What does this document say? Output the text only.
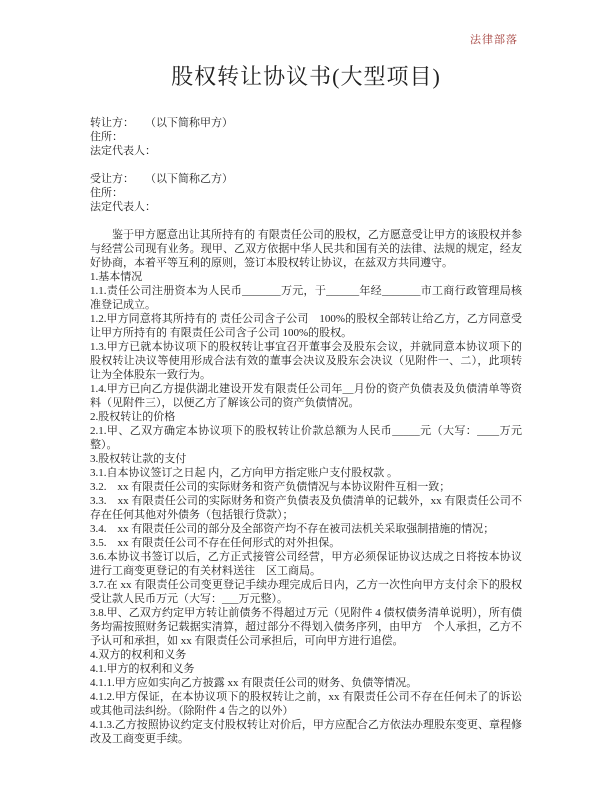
法律部落
股权转让协议书(大型项目)
转让方：　　（以下简称甲方）
住所：
法定代表人：
受让方：　　（以下简称乙方）
住所：
法定代表人：
鉴于甲方愿意出让其所持有的 有限责任公司的股权，乙方愿意受让甲方的该股权并参与经营公司现有业务。现甲、乙双方依据中华人民共和国有关的法律、法规的规定，经友好协商，本着平等互利的原则，签订本股权转让协议，在兹双方共同遵守。
1.基本情况
1.1.责任公司注册资本为人民币_______万元，于______年经_______市工商行政管理局核准登记成立。
1.2.甲方同意将其所持有的 责任公司含子公司　100%的股权全部转让给乙方，乙方同意受让甲方所持有的 有限责任公司含子公司 100%的股权。
1.3.甲方已就本协议项下的股权转让事宜召开董事会及股东会议，并就同意本协议项下的股权转让决议等使用形成合法有效的董事会决议及股东会决议（见附件一、二），此项转让为全体股东一致行为。
1.4.甲方已向乙方提供湖北建设开发有限责任公司年__月份的资产负债表及负债清单等资料（见附件三），以便乙方了解该公司的资产负债情况。
2.股权转让的价格
2.1.甲、乙双方确定本协议项下的股权转让价款总额为人民币_____元（大写：____万元整）。
3.股权转让款的支付
3.1.自本协议签订之日起 内，乙方向甲方指定账户支付股权款 。
3.2.　xx 有限责任公司的实际财务和资产负债情况与本协议附件互相一致；
3.3.　xx 有限责任公司的实际财务和资产负债表及负债清单的记载外，xx 有限责任公司不存在任何其他对外债务（包括银行贷款）；
3.4.　xx 有限责任公司的部分及全部资产均不存在被司法机关采取强制措施的情况；
3.5.　xx 有限责任公司不存在任何形式的对外担保。
3.6.本协议书签订以后，乙方正式接管公司经营，甲方必须保证协议达成之日将按本协议进行工商变更登记的有关材料送往　区工商局。
3.7.在 xx 有限责任公司变更登记手续办理完成后日内，乙方一次性向甲方支付余下的股权受让款人民币万元（大写：___万元整）。
3.8.甲、乙双方约定甲方转让前债务不得超过万元（见附件 4 债权债务清单说明），所有债务均需按照财务记载据实清算，超过部分不得划入债务序列，由甲方　个人承担，乙方不予认可和承担，如 xx 有限责任公司承担后，可向甲方进行追偿。
4.双方的权利和义务
4.1.甲方的权利和义务
4.1.1.甲方应如实向乙方披露 xx 有限责任公司的财务、负债等情况。
4.1.2.甲方保证，在本协议项下的股权转让之前，xx 有限责任公司不存在任何未了的诉讼或其他司法纠纷。（除附件 4 告之的以外）
4.1.3.乙方按照协议约定支付股权转让对价后，甲方应配合乙方依法办理股东变更、章程修改及工商变更手续。
